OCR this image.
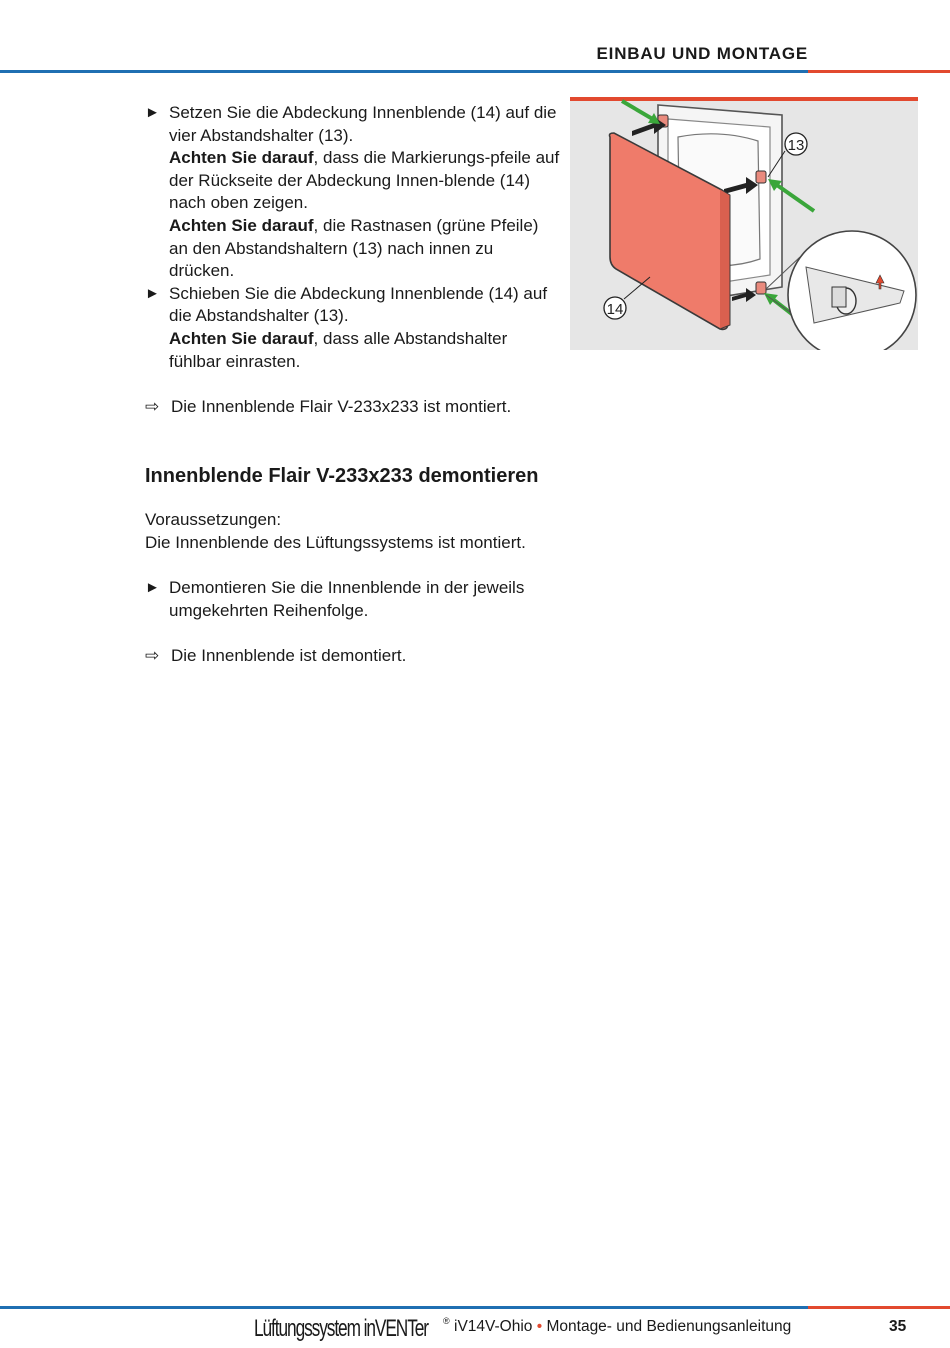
EINBAU UND MONTAGE
► Setzen Sie die Abdeckung Innenblende (14) auf die vier Abstandshalter (13).
Achten Sie darauf, dass die Markierungs-pfeile auf der Rückseite der Abdeckung Innen-blende (14) nach oben zeigen.
Achten Sie darauf, die Rastnasen (grüne Pfeile) an den Abstandshaltern (13) nach innen zu drücken.
► Schieben Sie die Abdeckung Innenblende (14) auf die Abstandshalter (13).
Achten Sie darauf, dass alle Abstandshalter fühlbar einrasten.
⇨ Die Innenblende Flair V-233x233 ist montiert.
Innenblende Flair V-233x233 demontieren
Voraussetzungen:
Die Innenblende des Lüftungssystems ist montiert.
► Demontieren Sie die Innenblende in der jeweils umgekehrten Reihenfolge.
⇨ Die Innenblende ist demontiert.
13
14
Lüftungssystem inVENTer ® iV14V-Ohio • Montage- und Bedienungsanleitung	35
